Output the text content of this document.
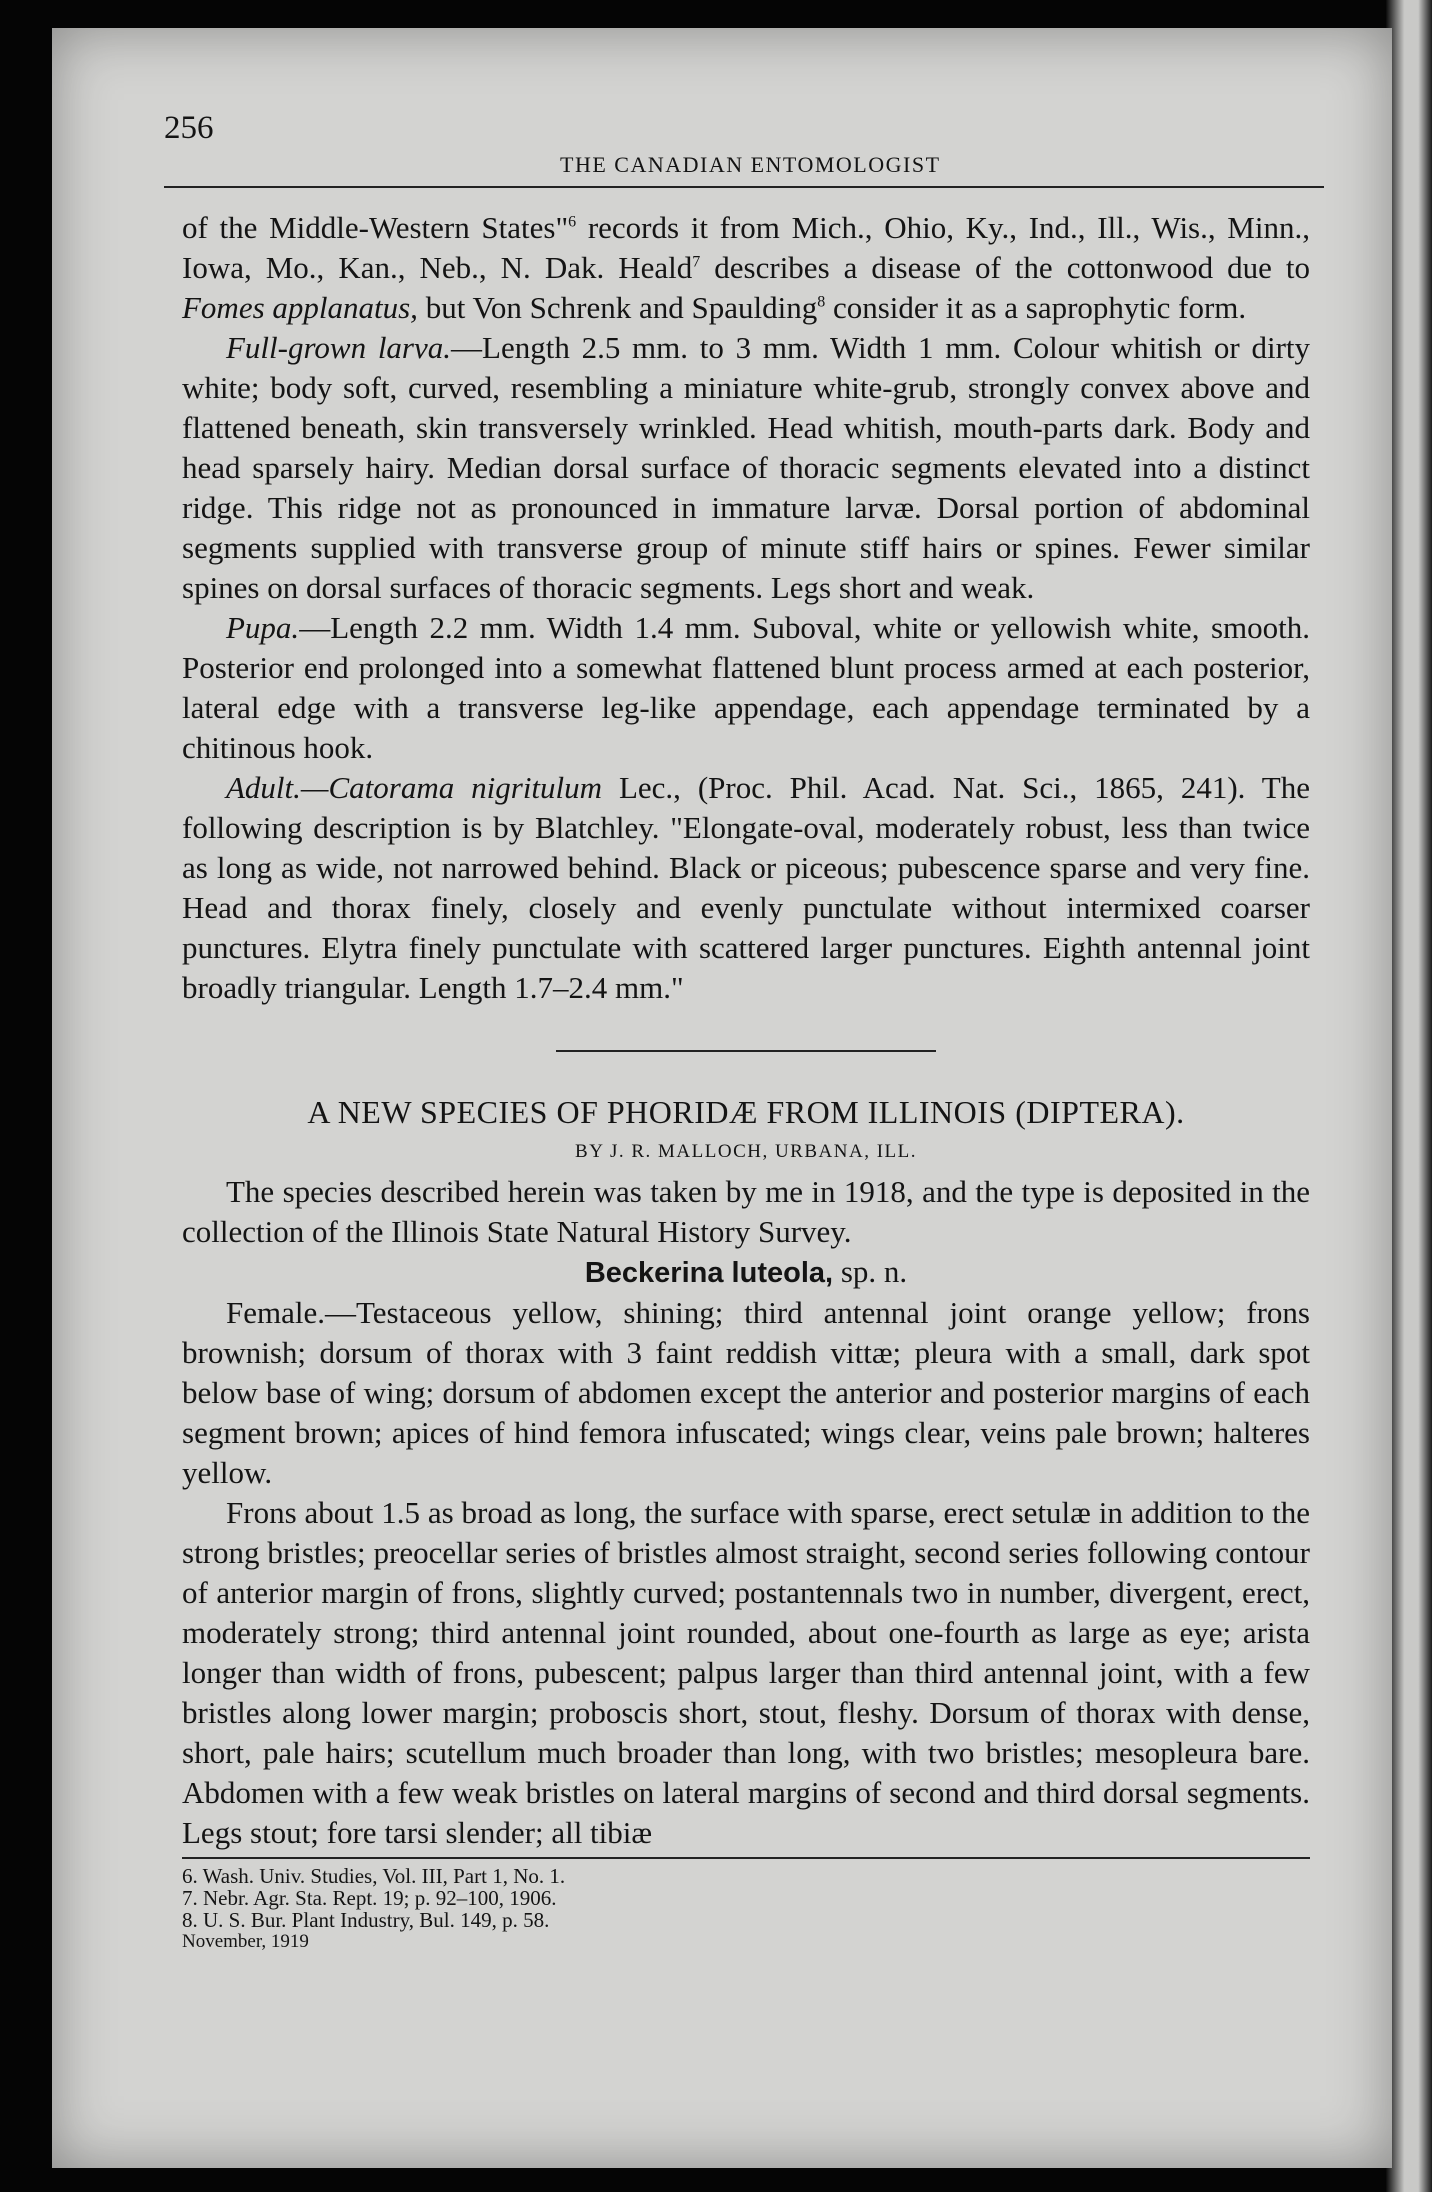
256
THE CANADIAN ENTOMOLOGIST

of the Middle-Western States"$^6$ records it from Mich., Ohio, Ky., Ind., Ill., Wis., Minn., Iowa, Mo., Kan., Neb., N. Dak. Heald$^7$ describes a disease of the cottonwood due to Fomes applanatus, but Von Schrenk and Spaulding$^8$ consider it as a saprophytic form.

Full-grown larva.—Length 2.5 mm. to 3 mm. Width 1 mm. Colour whitish or dirty white; body soft, curved, resembling a miniature white-grub, strongly convex above and flattened beneath, skin transversely wrinkled. Head whitish, mouth-parts dark. Body and head sparsely hairy. Median dorsal surface of thoracic segments elevated into a distinct ridge. This ridge not as pronounced in immature larvæ. Dorsal portion of abdominal segments supplied with transverse group of minute stiff hairs or spines. Fewer similar spines on dorsal surfaces of thoracic segments. Legs short and weak.

Pupa.—Length 2.2 mm. Width 1.4 mm. Suboval, white or yellowish white, smooth. Posterior end prolonged into a somewhat flattened blunt process armed at each posterior, lateral edge with a transverse leg-like appendage, each appendage terminated by a chitinous hook.

Adult.—Catorama nigritulum Lec., (Proc. Phil. Acad. Nat. Sci., 1865, 241). The following description is by Blatchley. "Elongate-oval, moderately robust, less than twice as long as wide, not narrowed behind. Black or piceous; pubescence sparse and very fine. Head and thorax finely, closely and evenly punctulate without intermixed coarser punctures. Elytra finely punctulate with scattered larger punctures. Eighth antennal joint broadly triangular. Length 1.7–2.4 mm."

A NEW SPECIES OF PHORIDÆ FROM ILLINOIS (DIPTERA).

BY J. R. MALLOCH, URBANA, ILL.

The species described herein was taken by me in 1918, and the type is deposited in the collection of the Illinois State Natural History Survey.

Beckerina luteola, sp. n.

Female.—Testaceous yellow, shining; third antennal joint orange yellow; frons brownish; dorsum of thorax with 3 faint reddish vittæ; pleura with a small, dark spot below base of wing; dorsum of abdomen except the anterior and posterior margins of each segment brown; apices of hind femora infuscated; wings clear, veins pale brown; halteres yellow.

Frons about 1.5 as broad as long, the surface with sparse, erect setulæ in addition to the strong bristles; preocellar series of bristles almost straight, second series following contour of anterior margin of frons, slightly curved; postantennals two in number, divergent, erect, moderately strong; third antennal joint rounded, about one-fourth as large as eye; arista longer than width of frons, pubescent; palpus larger than third antennal joint, with a few bristles along lower margin; proboscis short, stout, fleshy. Dorsum of thorax with dense, short, pale hairs; scutellum much broader than long, with two bristles; mesopleura bare. Abdomen with a few weak bristles on lateral margins of second and third dorsal segments. Legs stout; fore tarsi slender; all tibiæ

6. Wash. Univ. Studies, Vol. III, Part 1, No. 1.
7. Nebr. Agr. Sta. Rept. 19; p. 92–100, 1906.
8. U. S. Bur. Plant Industry, Bul. 149, p. 58.
November, 1919
